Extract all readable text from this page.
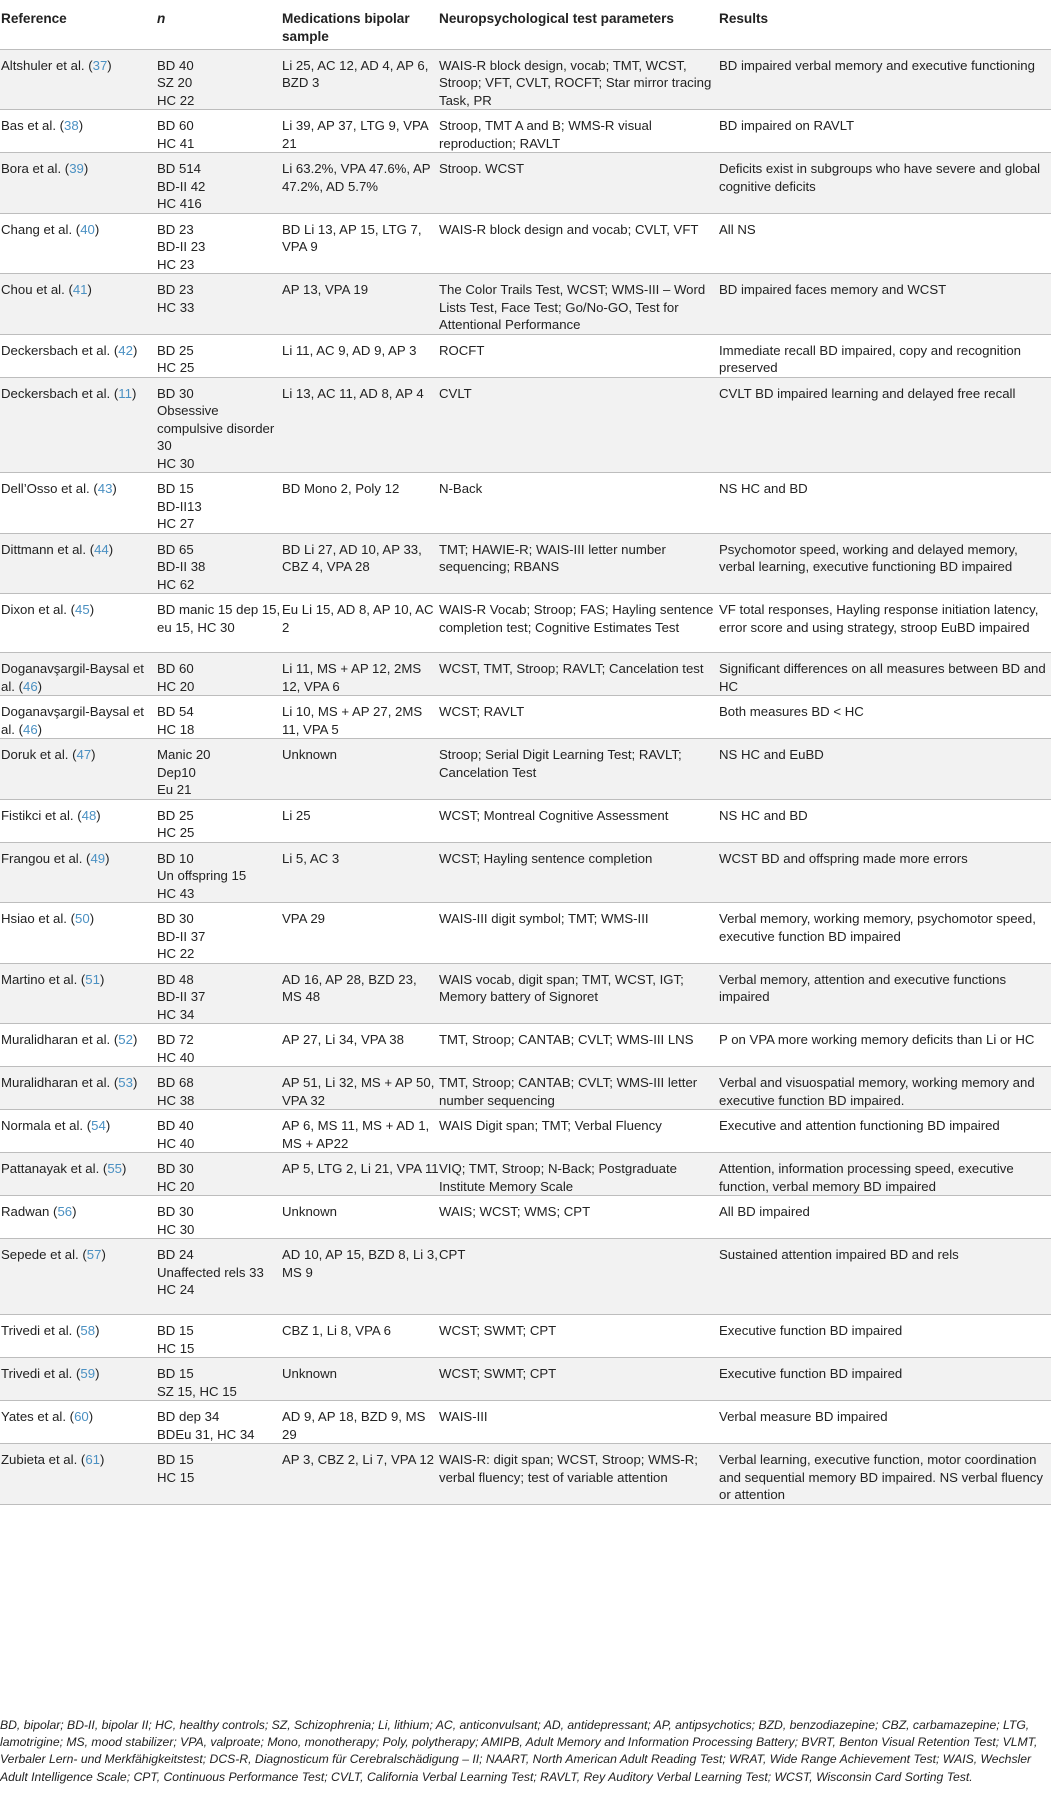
Reference	n	Medications bipolar sample	Neuropsychological test parameters	Results
Altshuler et al. (37)	BD 40
SZ 20
HC 22	Li 25, AC 12, AD 4, AP 6, BZD 3	WAIS-R block design, vocab; TMT, WCST, Stroop; VFT, CVLT, ROCFT; Star mirror tracing Task, PR	BD impaired verbal memory and executive functioning
Bas et al. (38)	BD 60
HC 41	Li 39, AP 37, LTG 9, VPA 21	Stroop, TMT A and B; WMS-R visual reproduction; RAVLT	BD impaired on RAVLT
Bora et al. (39)	BD 514
BD-II 42
HC 416	Li 63.2%, VPA 47.6%, AP 47.2%, AD 5.7%	Stroop. WCST	Deficits exist in subgroups who have severe and global cognitive deficits
Chang et al. (40)	BD 23
BD-II 23
HC 23	BD Li 13, AP 15, LTG 7, VPA 9	WAIS-R block design and vocab; CVLT, VFT	All NS
Chou et al. (41)	BD 23
HC 33	AP 13, VPA 19	The Color Trails Test, WCST; WMS-III – Word Lists Test, Face Test; Go/No-GO, Test for Attentional Performance	BD impaired faces memory and WCST
Deckersbach et al. (42)	BD 25
HC 25	Li 11, AC 9, AD 9, AP 3	ROCFT	Immediate recall BD impaired, copy and recognition preserved
Deckersbach et al. (11)	BD 30
Obsessive compulsive disorder 30
HC 30	Li 13, AC 11, AD 8, AP 4	CVLT	CVLT BD impaired learning and delayed free recall
Dell’Osso et al. (43)	BD 15
BD-II13
HC 27	BD Mono 2, Poly 12	N-Back	NS HC and BD
Dittmann et al. (44)	BD 65
BD-II 38
HC 62	BD Li 27, AD 10, AP 33, CBZ 4, VPA 28	TMT; HAWIE-R; WAIS-III letter number sequencing; RBANS	Psychomotor speed, working and delayed memory, verbal learning, executive functioning BD impaired
Dixon et al. (45)	BD manic 15 dep 15, eu 15, HC 30	Eu Li 15, AD 8, AP 10, AC 2	WAIS-R Vocab; Stroop; FAS; Hayling sentence completion test; Cognitive Estimates Test	VF total responses, Hayling response initiation latency, error score and using strategy, stroop EuBD impaired
Doganavşargil-Baysal et al. (46)	BD 60
HC 20	Li 11, MS + AP 12, 2MS 12, VPA 6	WCST, TMT, Stroop; RAVLT; Cancelation test	Significant differences on all measures between BD and HC
Doganavşargil-Baysal et al. (46)	BD 54
HC 18	Li 10, MS + AP 27, 2MS 11, VPA 5	WCST; RAVLT	Both measures BD < HC
Doruk et al. (47)	Manic 20
Dep10
Eu 21	Unknown	Stroop; Serial Digit Learning Test; RAVLT; Cancelation Test	NS HC and EuBD
Fistikci et al. (48)	BD 25
HC 25	Li 25	WCST; Montreal Cognitive Assessment	NS HC and BD
Frangou et al. (49)	BD 10
Un offspring 15
HC 43	Li 5, AC 3	WCST; Hayling sentence completion	WCST BD and offspring made more errors
Hsiao et al. (50)	BD 30
BD-II 37
HC 22	VPA 29	WAIS-III digit symbol; TMT; WMS-III	Verbal memory, working memory, psychomotor speed, executive function BD impaired
Martino et al. (51)	BD 48
BD-II 37
HC 34	AD 16, AP 28, BZD 23, MS 48	WAIS vocab, digit span; TMT, WCST, IGT; Memory battery of Signoret	Verbal memory, attention and executive functions impaired
Muralidharan et al. (52)	BD 72
HC 40	AP 27, Li 34, VPA 38	TMT, Stroop; CANTAB; CVLT; WMS-III LNS	P on VPA more working memory deficits than Li or HC
Muralidharan et al. (53)	BD 68
HC 38	AP 51, Li 32, MS + AP 50, VPA 32	TMT, Stroop; CANTAB; CVLT; WMS-III letter number sequencing	Verbal and visuospatial memory, working memory and executive function BD impaired.
Normala et al. (54)	BD 40
HC 40	AP 6, MS 11, MS + AD 1, MS + AP22	WAIS Digit span; TMT; Verbal Fluency	Executive and attention functioning BD impaired
Pattanayak et al. (55)	BD 30
HC 20	AP 5, LTG 2, Li 21, VPA 11	VIQ; TMT, Stroop; N-Back; Postgraduate Institute Memory Scale	Attention, information processing speed, executive function, verbal memory BD impaired
Radwan (56)	BD 30
HC 30	Unknown	WAIS; WCST; WMS; CPT	All BD impaired
Sepede et al. (57)	BD 24
Unaffected rels 33
HC 24	AD 10, AP 15, BZD 8, Li 3, MS 9	CPT	Sustained attention impaired BD and rels
Trivedi et al. (58)	BD 15
HC 15	CBZ 1, Li 8, VPA 6	WCST; SWMT; CPT	Executive function BD impaired
Trivedi et al. (59)	BD 15
SZ 15, HC 15	Unknown	WCST; SWMT; CPT	Executive function BD impaired
Yates et al. (60)	BD dep 34
BDEu 31, HC 34	AD 9, AP 18, BZD 9, MS 29	WAIS-III	Verbal measure BD impaired
Zubieta et al. (61)	BD 15
HC 15	AP 3, CBZ 2, Li 7, VPA 12	WAIS-R: digit span; WCST, Stroop; WMS-R; verbal fluency; test of variable attention	Verbal learning, executive function, motor coordination and sequential memory BD impaired. NS verbal fluency or attention
BD, bipolar; BD-II, bipolar II; HC, healthy controls; SZ, Schizophrenia; Li, lithium; AC, anticonvulsant; AD, antidepressant; AP, antipsychotics; BZD, benzodiazepine; CBZ, carbamazepine; LTG, lamotrigine; MS, mood stabilizer; VPA, valproate; Mono, monotherapy; Poly, polytherapy; AMIPB, Adult Memory and Information Processing Battery; BVRT, Benton Visual Retention Test; VLMT, Verbaler Lern- und Merkfähigkeitstest; DCS-R, Diagnosticum für Cerebralschädigung – II; NAART, North American Adult Reading Test; WRAT, Wide Range Achievement Test; WAIS, Wechsler Adult Intelligence Scale; CPT, Continuous Performance Test; CVLT, California Verbal Learning Test; RAVLT, Rey Auditory Verbal Learning Test; WCST, Wisconsin Card Sorting Test.
